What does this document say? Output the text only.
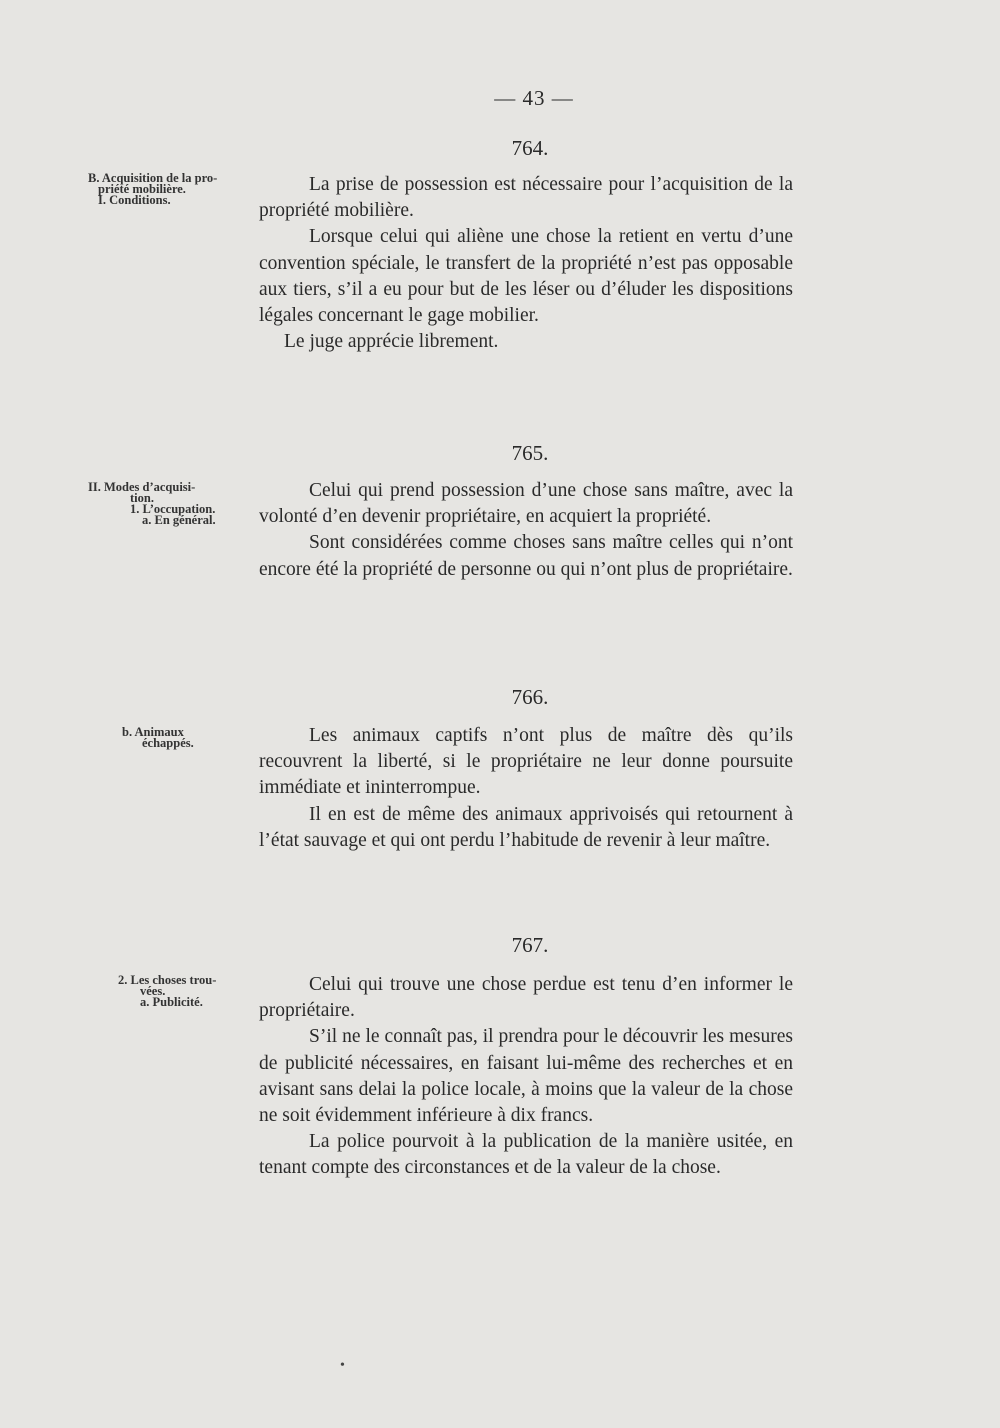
— 43 —
764.
B. Acquisition de la pro-
priété mobilière.
I. Conditions.

La prise de possession est nécessaire pour l’acquisition de la propriété mobilière.

Lorsque celui qui aliène une chose la retient en vertu d’une convention spéciale, le transfert de la propriété n’est pas opposable aux tiers, s’il a eu pour but de les léser ou d’éluder les dispositions légales concernant le gage mobilier.

Le juge apprécie librement.

765.
II. Modes d’acquisi-
tion.
1. L’occupation.
a. En général.

Celui qui prend possession d’une chose sans maître, avec la volonté d’en devenir propriétaire, en acquiert la propriété.

Sont considérées comme choses sans maître celles qui n’ont encore été la propriété de personne ou qui n’ont plus de propriétaire.

766.
b. Animaux
échappés.	Les animaux captifs n’ont plus de maître dès qu’ils recouvrent la liberté, si le propriétaire ne leur donne poursuite immédiate et ininterrompue.

Il en est de même des animaux apprivoisés qui retournent à l’état sauvage et qui ont perdu l’habitude de revenir à leur maître.

767.
2. Les choses trou-
vées.
a. Publicité.

Celui qui trouve une chose perdue est tenu d’en informer le propriétaire.

S’il ne le connaît pas, il prendra pour le découvrir les mesures de publicité nécessaires, en faisant lui-même des recherches et en avisant sans delai la police locale, à moins que la valeur de la chose ne soit évidemment inférieure à dix francs.

La police pourvoit à la publication de la manière usitée, en tenant compte des circonstances et de la valeur de la chose.

•
